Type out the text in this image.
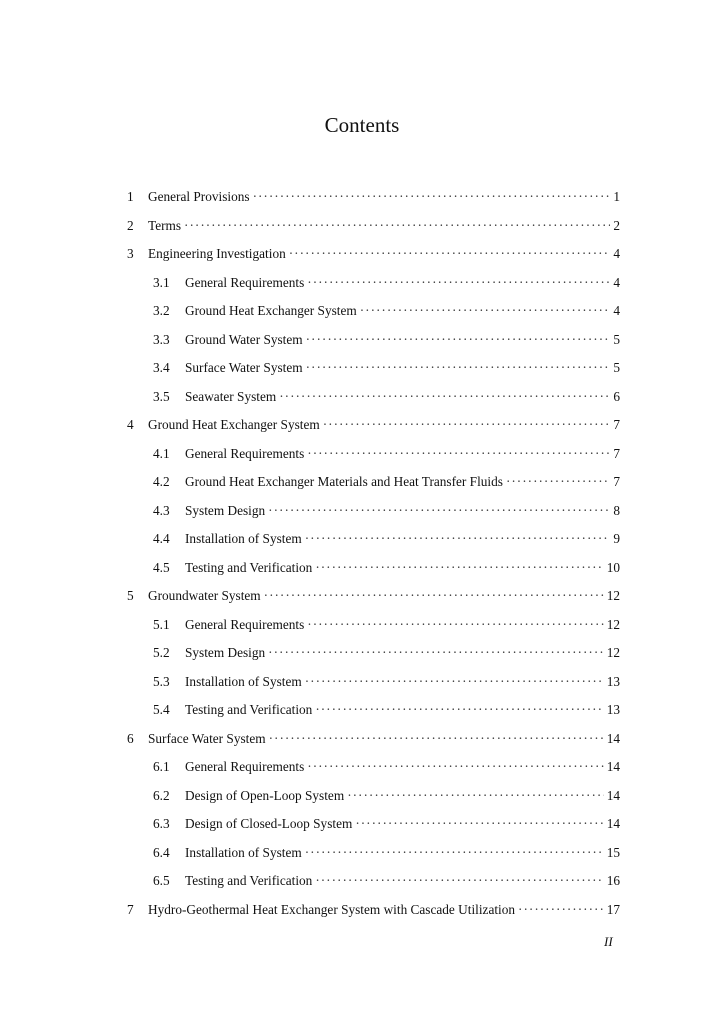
Contents
1	General Provisions ·····	1
2	Terms ·····	2
3	Engineering Investigation ·····	4
3.1	General Requirements ·····	4
3.2	Ground Heat Exchanger System ·····	4
3.3	Ground Water System ·····	5
3.4	Surface Water System ·····	5
3.5	Seawater System ·····	6
4	Ground Heat Exchanger System ·····	7
4.1	General Requirements ·····	7
4.2	Ground Heat Exchanger Materials and Heat Transfer Fluids ·····	7
4.3	System Design ·····	8
4.4	Installation of System ·····	9
4.5	Testing and Verification ·····	10
5	Groundwater System ·····	12
5.1	General Requirements ·····	12
5.2	System Design ·····	12
5.3	Installation of System ·····	13
5.4	Testing and Verification ·····	13
6	Surface Water System ·····	14
6.1	General Requirements ·····	14
6.2	Design of Open-Loop System ·····	14
6.3	Design of Closed-Loop System ·····	14
6.4	Installation of System ·····	15
6.5	Testing and Verification ·····	16
7	Hydro-Geothermal Heat Exchanger System with Cascade Utilization ·····	17
II
